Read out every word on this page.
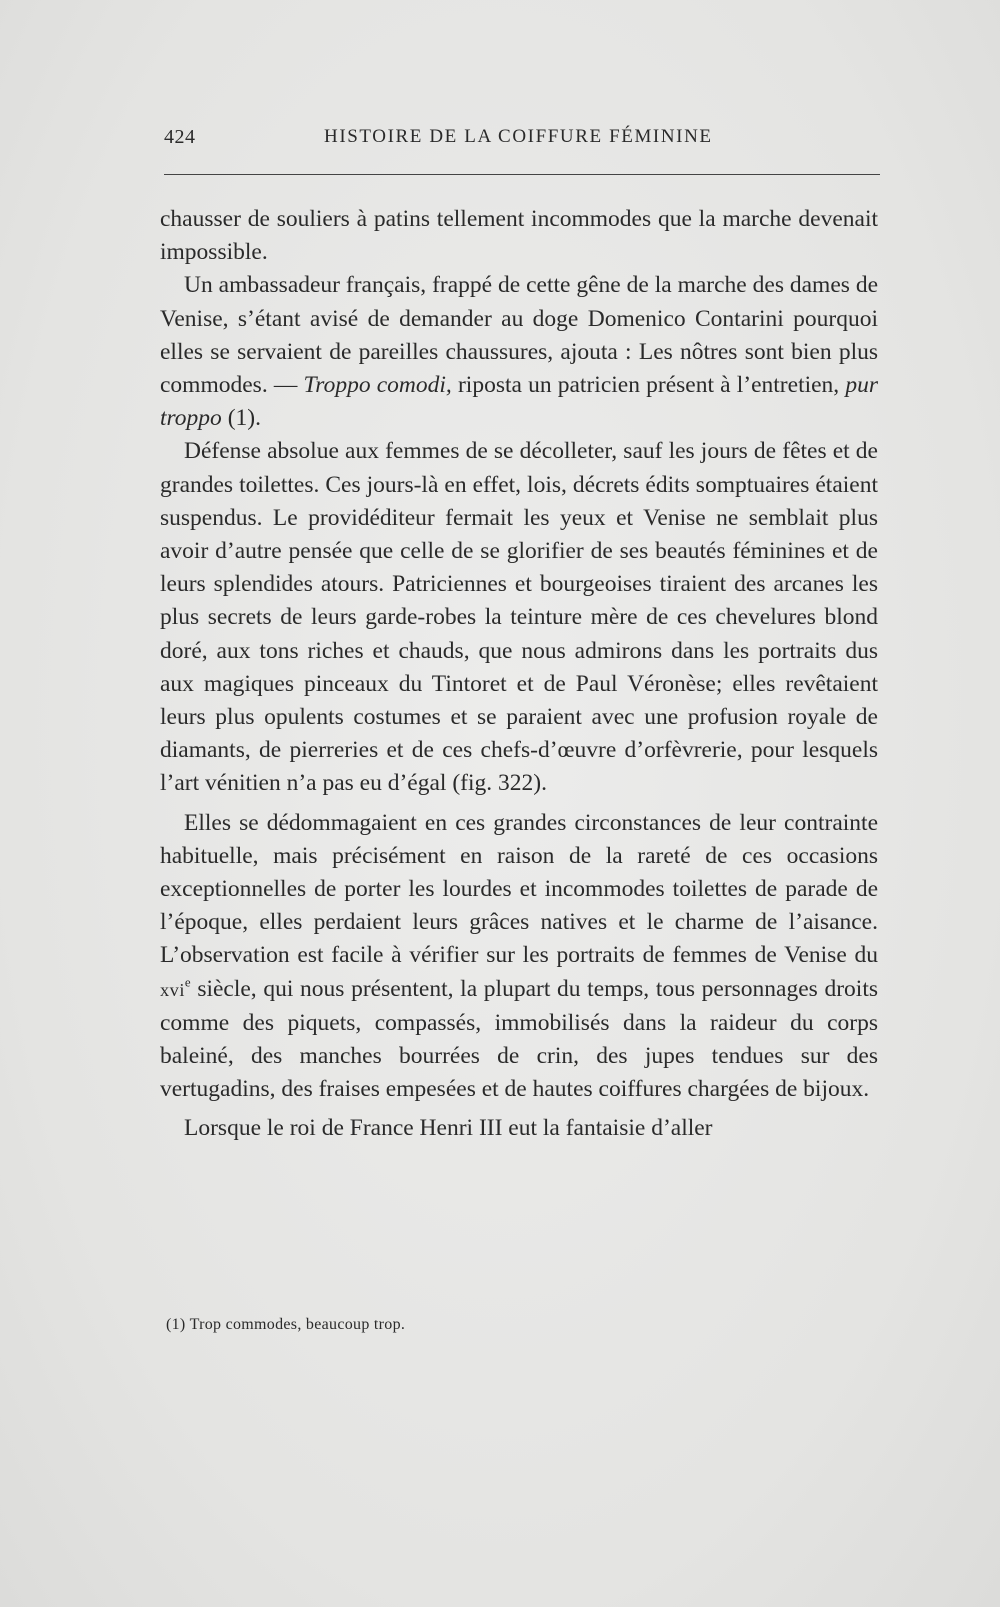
424	HISTOIRE DE LA COIFFURE FÉMININE

chausser de souliers à patins tellement incommodes que la marche devenait impossible.

Un ambassadeur français, frappé de cette gêne de la marche des dames de Venise, s’étant avisé de demander au doge Domenico Contarini pourquoi elles se servaient de pareilles chaussures, ajouta : Les nôtres sont bien plus commodes. — Troppo comodi, riposta un patricien présent à l’entretien, pur troppo (1).

Défense absolue aux femmes de se décolleter, sauf les jours de fêtes et de grandes toilettes. Ces jours-là en effet, lois, décrets édits somptuaires étaient suspendus. Le providéditeur fermait les yeux et Venise ne semblait plus avoir d’autre pensée que celle de se glorifier de ses beautés féminines et de leurs splendides atours. Patriciennes et bourgeoises tiraient des arcanes les plus secrets de leurs garde-robes la teinture mère de ces chevelures blond doré, aux tons riches et chauds, que nous admirons dans les portraits dus aux magiques pinceaux du Tintoret et de Paul Véronèse; elles revêtaient leurs plus opulents costumes et se paraient avec une profusion royale de diamants, de pierreries et de ces chefs-d’œuvre d’orfèvrerie, pour lesquels l’art vénitien n’a pas eu d’égal (fig. 322).

Elles se dédommagaient en ces grandes circonstances de leur contrainte habituelle, mais précisément en raison de la rareté de ces occasions exceptionnelles de porter les lourdes et incommodes toilettes de parade de l’époque, elles perdaient leurs grâces natives et le charme de l’aisance. L’observation est facile à vérifier sur les portraits de femmes de Venise du xvi$^e$ siècle, qui nous présentent, la plupart du temps, tous personnages droits comme des piquets, compassés, immobilisés dans la raideur du corps baleiné, des manches bourrées de crin, des jupes tendues sur des vertugadins, des fraises empesées et de hautes coiffures chargées de bijoux.

Lorsque le roi de France Henri III eut la fantaisie d’aller

(1) Trop commodes, beaucoup trop.
